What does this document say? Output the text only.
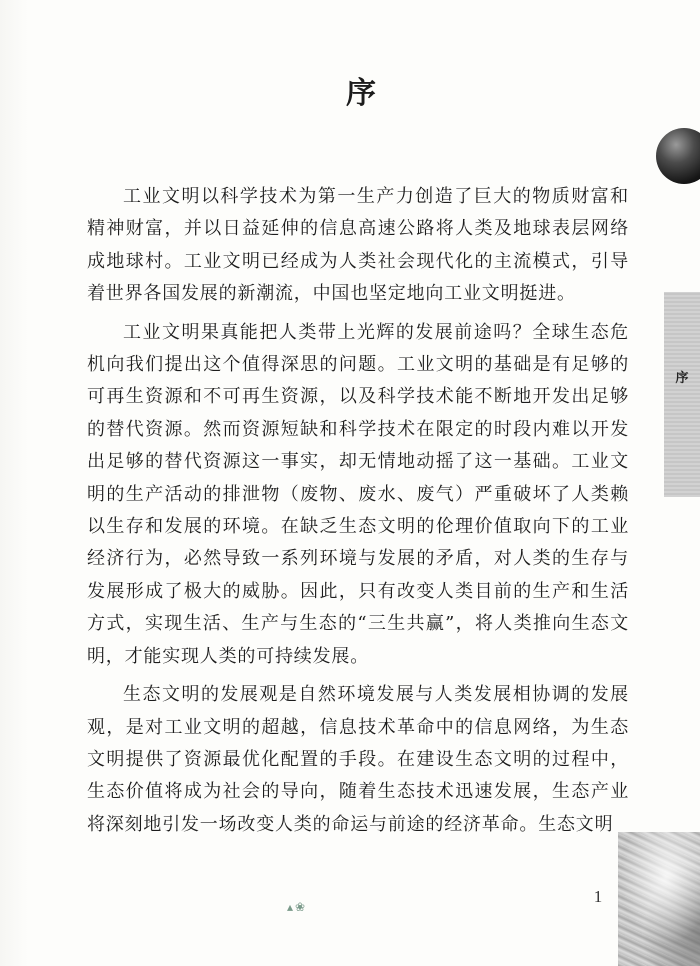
序
序

工业文明以科学技术为第一生产力创造了巨大的物质财富和精神财富，并以日益延伸的信息高速公路将人类及地球表层网络成地球村。工业文明已经成为人类社会现代化的主流模式，引导着世界各国发展的新潮流，中国也坚定地向工业文明挺进。

工业文明果真能把人类带上光辉的发展前途吗？全球生态危机向我们提出这个值得深思的问题。工业文明的基础是有足够的可再生资源和不可再生资源，以及科学技术能不断地开发出足够的替代资源。然而资源短缺和科学技术在限定的时段内难以开发出足够的替代资源这一事实，却无情地动摇了这一基础。工业文明的生产活动的排泄物（废物、废水、废气）严重破坏了人类赖以生存和发展的环境。在缺乏生态文明的伦理价值取向下的工业经济行为，必然导致一系列环境与发展的矛盾，对人类的生存与发展形成了极大的威胁。因此，只有改变人类目前的生产和生活方式，实现生活、生产与生态的“三生共赢”，将人类推向生态文明，才能实现人类的可持续发展。

生态文明的发展观是自然环境发展与人类发展相协调的发展观，是对工业文明的超越，信息技术革命中的信息网络，为生态文明提供了资源最优化配置的手段。在建设生态文明的过程中，生态价值将成为社会的导向，随着生态技术迅速发展，生态产业将深刻地引发一场改变人类的命运与前途的经济革命。生态文明

▴❀
1
